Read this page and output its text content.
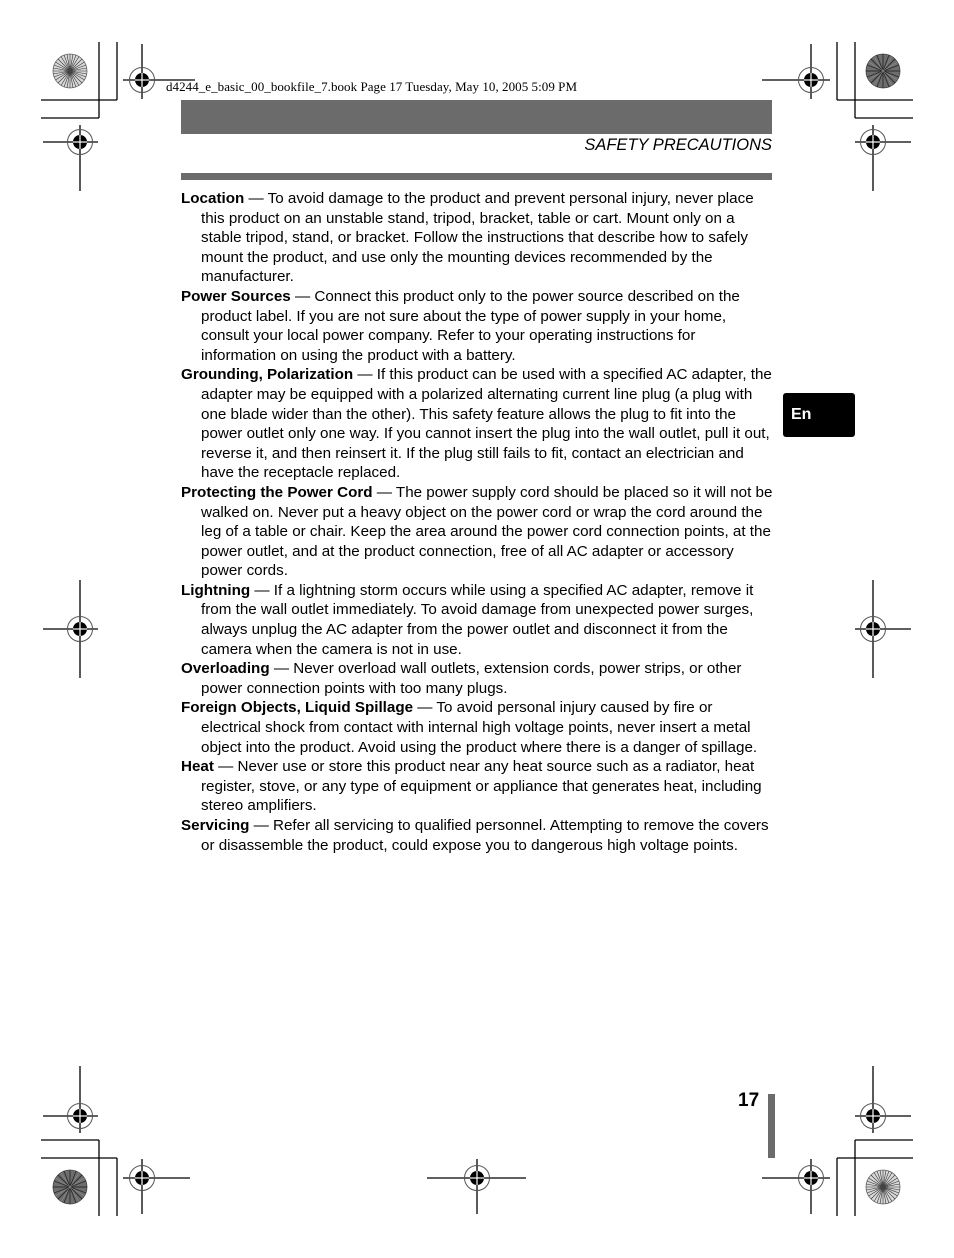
d4244_e_basic_00_bookfile_7.book Page 17 Tuesday, May 10, 2005 5:09 PM
SAFETY PRECAUTIONS

Location — To avoid damage to the product and prevent personal injury, never place this product on an unstable stand, tripod, bracket, table or cart. Mount only on a stable tripod, stand, or bracket. Follow the instructions that describe how to safely mount the product, and use only the mounting devices recommended by the manufacturer.

Power Sources — Connect this product only to the power source described on the product label. If you are not sure about the type of power supply in your home, consult your local power company. Refer to your operating instructions for information on using the product with a battery.

Grounding, Polarization — If this product can be used with a specified AC adapter, the adapter may be equipped with a polarized alternating current line plug (a plug with one blade wider than the other). This safety feature allows the plug to fit into the power outlet only one way. If you cannot insert the plug into the wall outlet, pull it out, reverse it, and then reinsert it. If the plug still fails to fit, contact an electrician and have the receptacle replaced.

Protecting the Power Cord — The power supply cord should be placed so it will not be walked on. Never put a heavy object on the power cord or wrap the cord around the leg of a table or chair. Keep the area around the power cord connection points, at the power outlet, and at the product connection, free of all AC adapter or accessory power cords.

Lightning — If a lightning storm occurs while using a specified AC adapter, remove it from the wall outlet immediately. To avoid damage from unexpected power surges, always unplug the AC adapter from the power outlet and disconnect it from the camera when the camera is not in use.

Overloading — Never overload wall outlets, extension cords, power strips, or other power connection points with too many plugs.

Foreign Objects, Liquid Spillage — To avoid personal injury caused by fire or electrical shock from contact with internal high voltage points, never insert a metal object into the product. Avoid using the product where there is a danger of spillage.

Heat — Never use or store this product near any heat source such as a radiator, heat register, stove, or any type of equipment or appliance that generates heat, including stereo amplifiers.

Servicing — Refer all servicing to qualified personnel. Attempting to remove the covers or disassemble the product, could expose you to dangerous high voltage points.

En
17
